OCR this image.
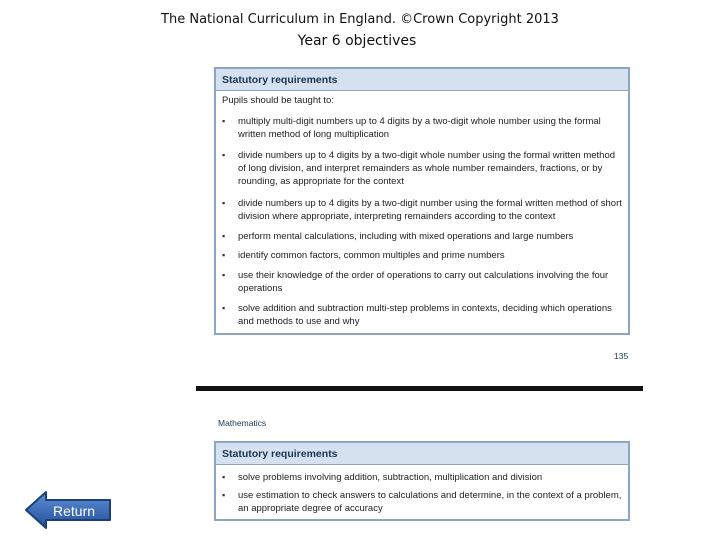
The National Curriculum in England. ©Crown Copyright 2013
Year 6 objectives
Statutory requirements
Pupils should be taught to:
▪ multiply multi-digit numbers up to 4 digits by a two-digit whole number using the formal written method of long multiplication
▪ divide numbers up to 4 digits by a two-digit whole number using the formal written method of long division, and interpret remainders as whole number remainders, fractions, or by rounding, as appropriate for the context
▪ divide numbers up to 4 digits by a two-digit number using the formal written method of short division where appropriate, interpreting remainders according to the context
▪ perform mental calculations, including with mixed operations and large numbers
▪ identify common factors, common multiples and prime numbers
▪ use their knowledge of the order of operations to carry out calculations involving the four operations
▪ solve addition and subtraction multi-step problems in contexts, deciding which operations and methods to use and why
135
Mathematics
Statutory requirements
▪ solve problems involving addition, subtraction, multiplication and division
▪ use estimation to check answers to calculations and determine, in the context of a problem, an appropriate degree of accuracy
Return
